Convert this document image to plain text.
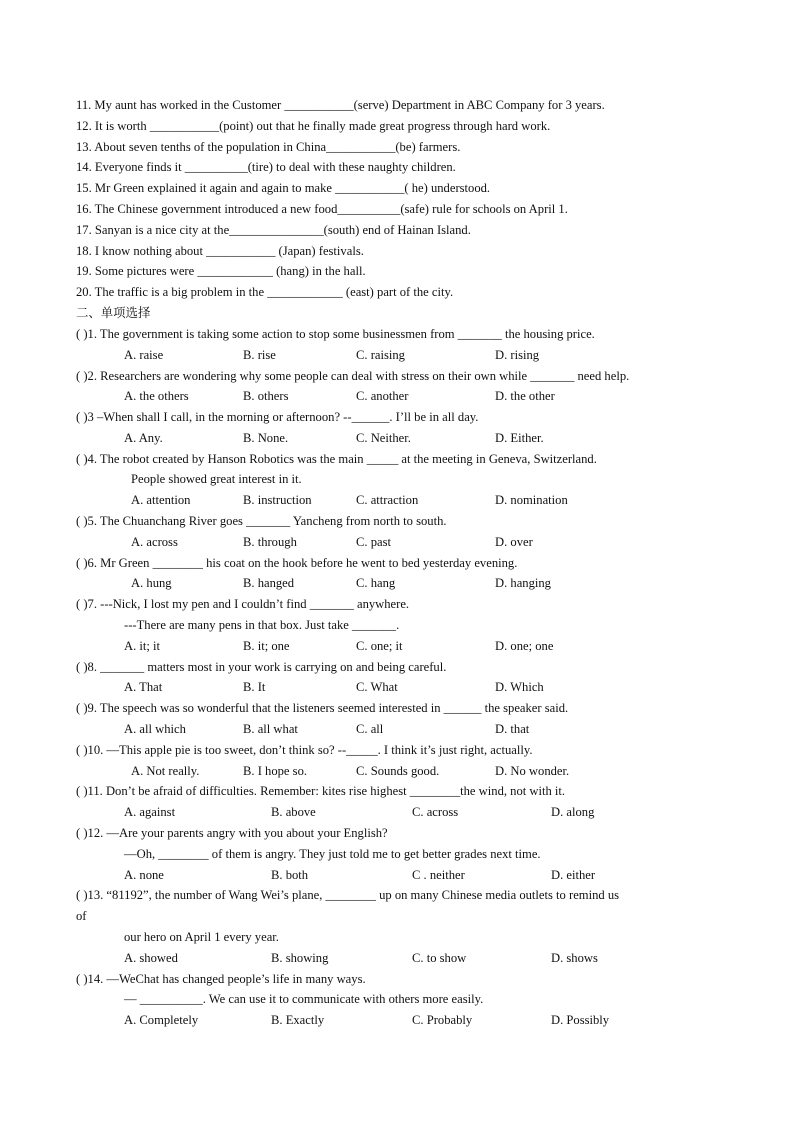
11. My aunt has worked in the Customer ___________(serve) Department in ABC Company for 3 years.
12. It is worth ___________(point) out that he finally made great progress through hard work.
13. About seven tenths of the population in China___________(be) farmers.
14. Everyone finds it __________(tire) to deal with these naughty children.
15. Mr Green explained it again and again to make ___________( he) understood.
16. The Chinese government introduced a new food__________(safe) rule for schools on April 1.
17. Sanyan is a nice city at the_______________(south) end of Hainan Island.
18. I know nothing about ___________ (Japan) festivals.
19. Some pictures were ____________ (hang) in the hall.
20. The traffic is a big problem in the ____________ (east) part of the city.
二、单项选择
( )1. The government is taking some action to stop some businessmen from _______ the housing price.
A. raise	B. rise	C. raising	D. rising
( )2. Researchers are wondering why some people can deal with stress on their own while _______ need help.
A. the others	B. others	C. another	D. the other
( )3 –When shall I call, in the morning or afternoon? --______. I’ll be in all day.
A. Any.	B. None.	C. Neither.	D. Either.
( )4. The robot created by Hanson Robotics was the main _____ at the meeting in Geneva, Switzerland.
People showed great interest in it.
A. attention	B. instruction	C. attraction	D. nomination
( )5. The Chuanchang River goes _______ Yancheng from north to south.
A. across	B. through	C. past	D. over
( )6. Mr Green ________ his coat on the hook before he went to bed yesterday evening.
A. hung	B. hanged	C. hang	D. hanging
( )7. ---Nick, I lost my pen and I couldn’t find _______ anywhere.
---There are many pens in that box. Just take _______.
A. it; it	B. it; one	C. one; it	D. one; one
( )8. _______ matters most in your work is carrying on and being careful.
A. That	B. It	C. What	D. Which
( )9. The speech was so wonderful that the listeners seemed interested in ______ the speaker said.
A. all which	B. all what	C. all	D. that
( )10. —This apple pie is too sweet, don’t think so? --_____. I think it’s just right, actually.
A. Not really.	B. I hope so.	C. Sounds good.	D. No wonder.
( )11. Don’t be afraid of difficulties. Remember: kites rise highest ________the wind, not with it.
A. against	B. above	C. across	D. along
( )12. —Are your parents angry with you about your English?
—Oh, ________ of them is angry. They just told me to get better grades next time.
A. none	B. both	C . neither	D. either
( )13. “81192”, the number of Wang Wei’s plane, ________ up on many Chinese media outlets to remind us
of
our hero on April 1 every year.
A. showed	B. showing	C. to show	D. shows
( )14. —WeChat has changed people’s life in many ways.
— __________. We can use it to communicate with others more easily.
A. Completely	B. Exactly	C. Probably	D. Possibly
